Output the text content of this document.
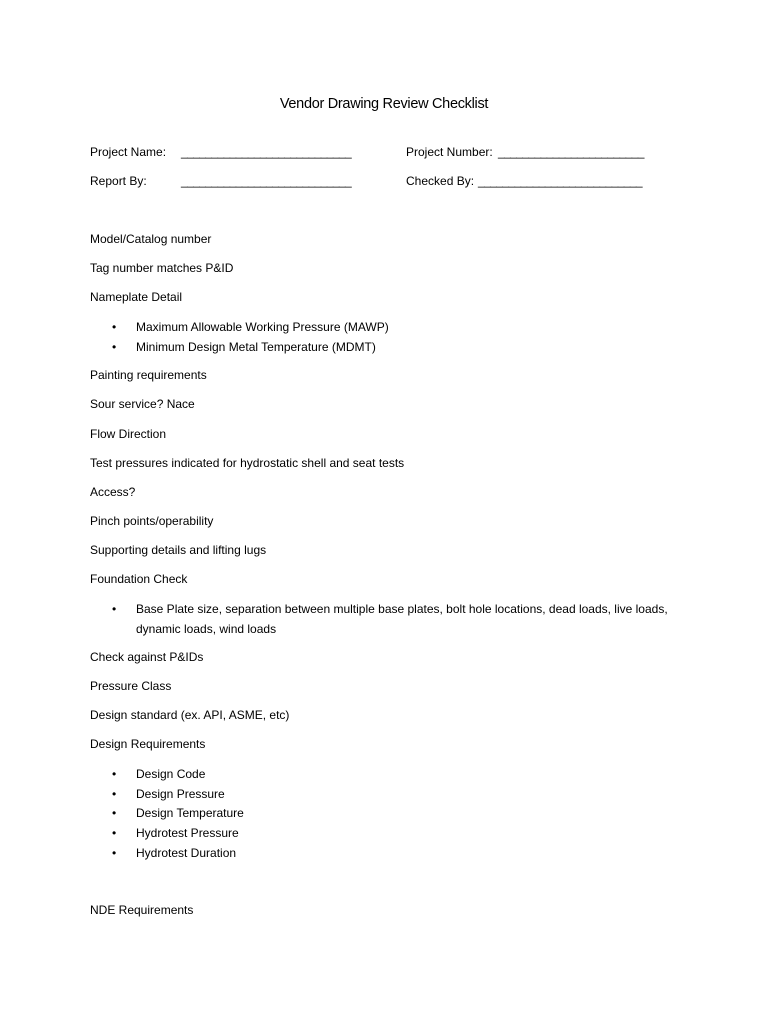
Vendor Drawing Review Checklist
Project Name: ____________________________	Project Number: ________________________
Report By:	____________________________	Checked By: ___________________________
Model/Catalog number
Tag number matches P&ID
Nameplate Detail
•	Maximum Allowable Working Pressure (MAWP)
•	Minimum Design Metal Temperature (MDMT)
Painting requirements
Sour service? Nace
Flow Direction
Test pressures indicated for hydrostatic shell and seat tests
Access?
Pinch points/operability
Supporting details and lifting lugs
Foundation Check
•	Base Plate size, separation between multiple base plates, bolt hole locations, dead loads, live loads, dynamic loads, wind loads
Check against P&IDs
Pressure Class
Design standard (ex. API, ASME, etc)
Design Requirements
•	Design Code
•	Design Pressure
•	Design Temperature
•	Hydrotest Pressure
•	Hydrotest Duration
NDE Requirements
